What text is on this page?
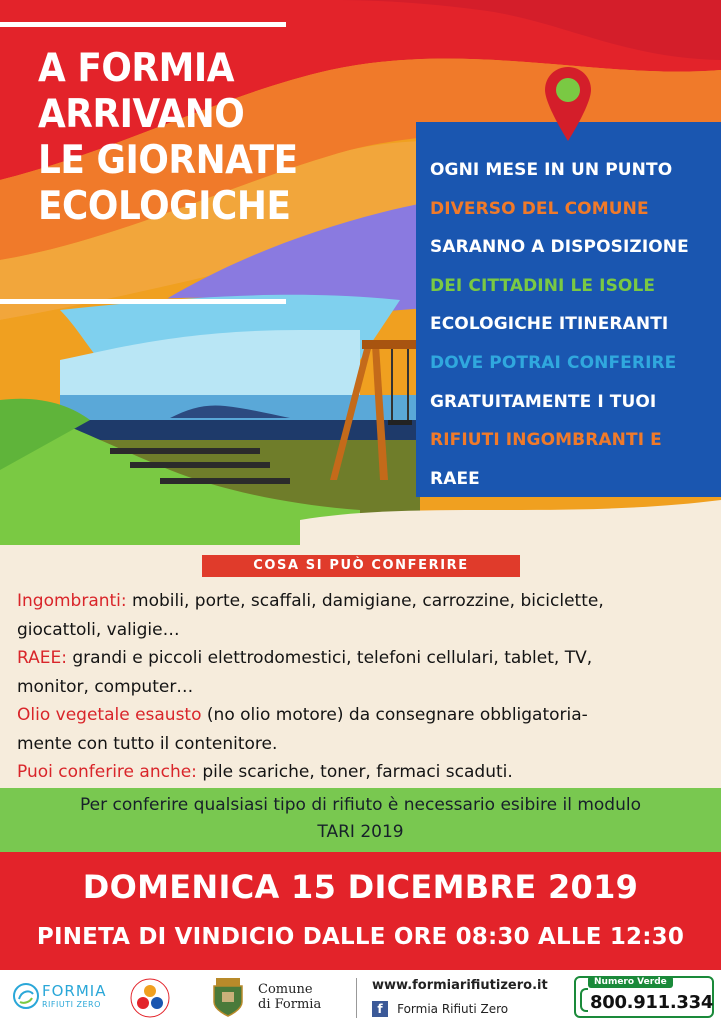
A FORMIA
ARRIVANO
LE GIORNATE
ECOLOGICHE
OGNI MESE IN UN PUNTO
DIVERSO DEL COMUNE
SARANNO A DISPOSIZIONE
DEI CITTADINI LE ISOLE
ECOLOGICHE ITINERANTI
DOVE POTRAI CONFERIRE
GRATUITAMENTE I TUOI
RIFIUTI INGOMBRANTI E
RAEE
COSA SI PUÒ CONFERIRE
Ingombranti: mobili, porte, scaffali, damigiane, carrozzine, biciclette,
giocattoli, valigie…
RAEE: grandi e piccoli elettrodomestici, telefoni cellulari, tablet, TV,
monitor, computer…
Olio vegetale esausto (no olio motore) da consegnare obbligatoria-
mente con tutto il contenitore.
Puoi conferire anche: pile scariche, toner, farmaci scaduti.
Per conferire qualsiasi tipo di rifiuto è necessario esibire il modulo
TARI 2019
DOMENICA 15 DICEMBRE 2019
PINETA DI VINDICIO DALLE ORE 08:30 ALLE 12:30
FORMIA
RIFIUTI ZERO
Comune
di Formia
www.formiarifiutizero.it
f Formia Rifiuti Zero
Numero Verde
800.911.334
